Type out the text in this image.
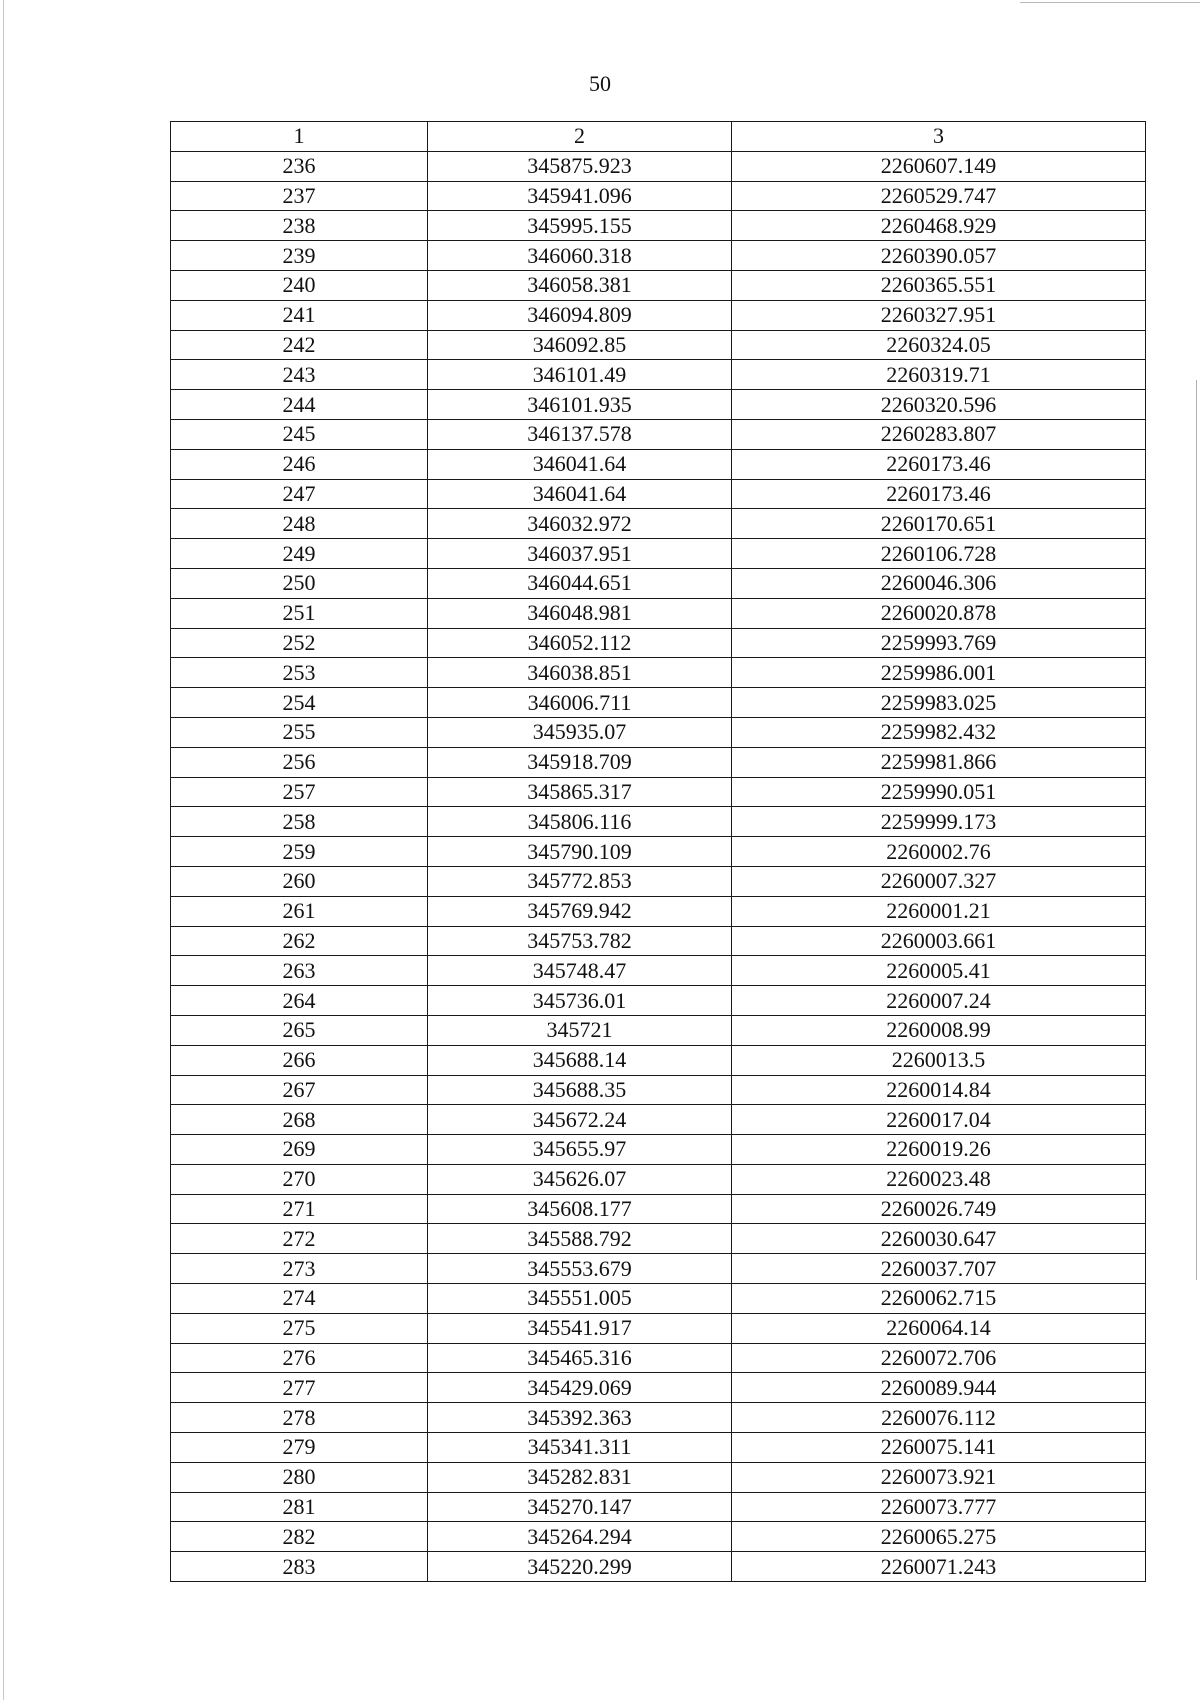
50
1	2	3
236	345875.923	2260607.149
237	345941.096	2260529.747
238	345995.155	2260468.929
239	346060.318	2260390.057
240	346058.381	2260365.551
241	346094.809	2260327.951
242	346092.85	2260324.05
243	346101.49	2260319.71
244	346101.935	2260320.596
245	346137.578	2260283.807
246	346041.64	2260173.46
247	346041.64	2260173.46
248	346032.972	2260170.651
249	346037.951	2260106.728
250	346044.651	2260046.306
251	346048.981	2260020.878
252	346052.112	2259993.769
253	346038.851	2259986.001
254	346006.711	2259983.025
255	345935.07	2259982.432
256	345918.709	2259981.866
257	345865.317	2259990.051
258	345806.116	2259999.173
259	345790.109	2260002.76
260	345772.853	2260007.327
261	345769.942	2260001.21
262	345753.782	2260003.661
263	345748.47	2260005.41
264	345736.01	2260007.24
265	345721	2260008.99
266	345688.14	2260013.5
267	345688.35	2260014.84
268	345672.24	2260017.04
269	345655.97	2260019.26
270	345626.07	2260023.48
271	345608.177	2260026.749
272	345588.792	2260030.647
273	345553.679	2260037.707
274	345551.005	2260062.715
275	345541.917	2260064.14
276	345465.316	2260072.706
277	345429.069	2260089.944
278	345392.363	2260076.112
279	345341.311	2260075.141
280	345282.831	2260073.921
281	345270.147	2260073.777
282	345264.294	2260065.275
283	345220.299	2260071.243
